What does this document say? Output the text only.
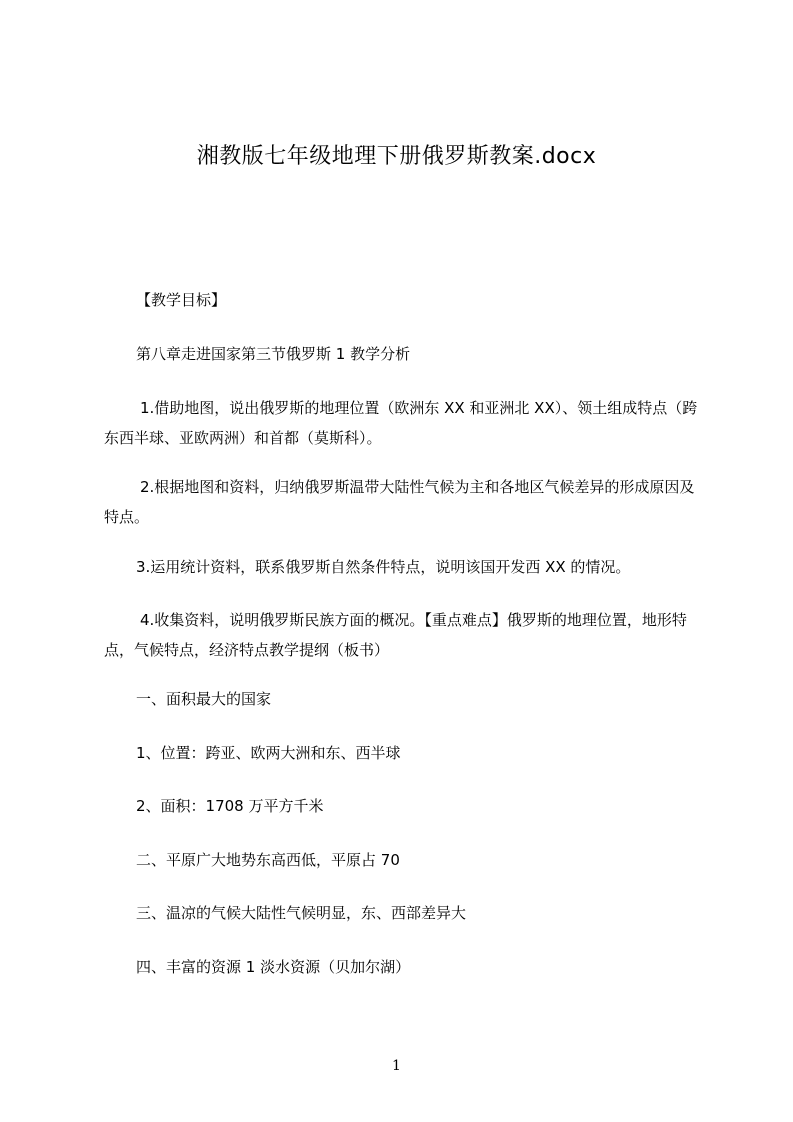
湘教版七年级地理下册俄罗斯教案.docx
【教学目标】
第八章走进国家第三节俄罗斯 1 教学分析
1.借助地图，说出俄罗斯的地理位置（欧洲东 XX 和亚洲北 XX）、领土组成特点（跨东西半球、亚欧两洲）和首都（莫斯科）。
2.根据地图和资料，归纳俄罗斯温带大陆性气候为主和各地区气候差异的形成原因及特点。
3.运用统计资料，联系俄罗斯自然条件特点，说明该国开发西 XX 的情况。
4.收集资料，说明俄罗斯民族方面的概况。【重点难点】俄罗斯的地理位置，地形特点，气候特点，经济特点教学提纲（板书）
一、面积最大的国家
1、位置：跨亚、欧两大洲和东、西半球
2、面积：1708 万平方千米
二、平原广大地势东高西低，平原占 70
三、温凉的气候大陆性气候明显，东、西部差异大
四、丰富的资源 1 淡水资源（贝加尔湖）
1
